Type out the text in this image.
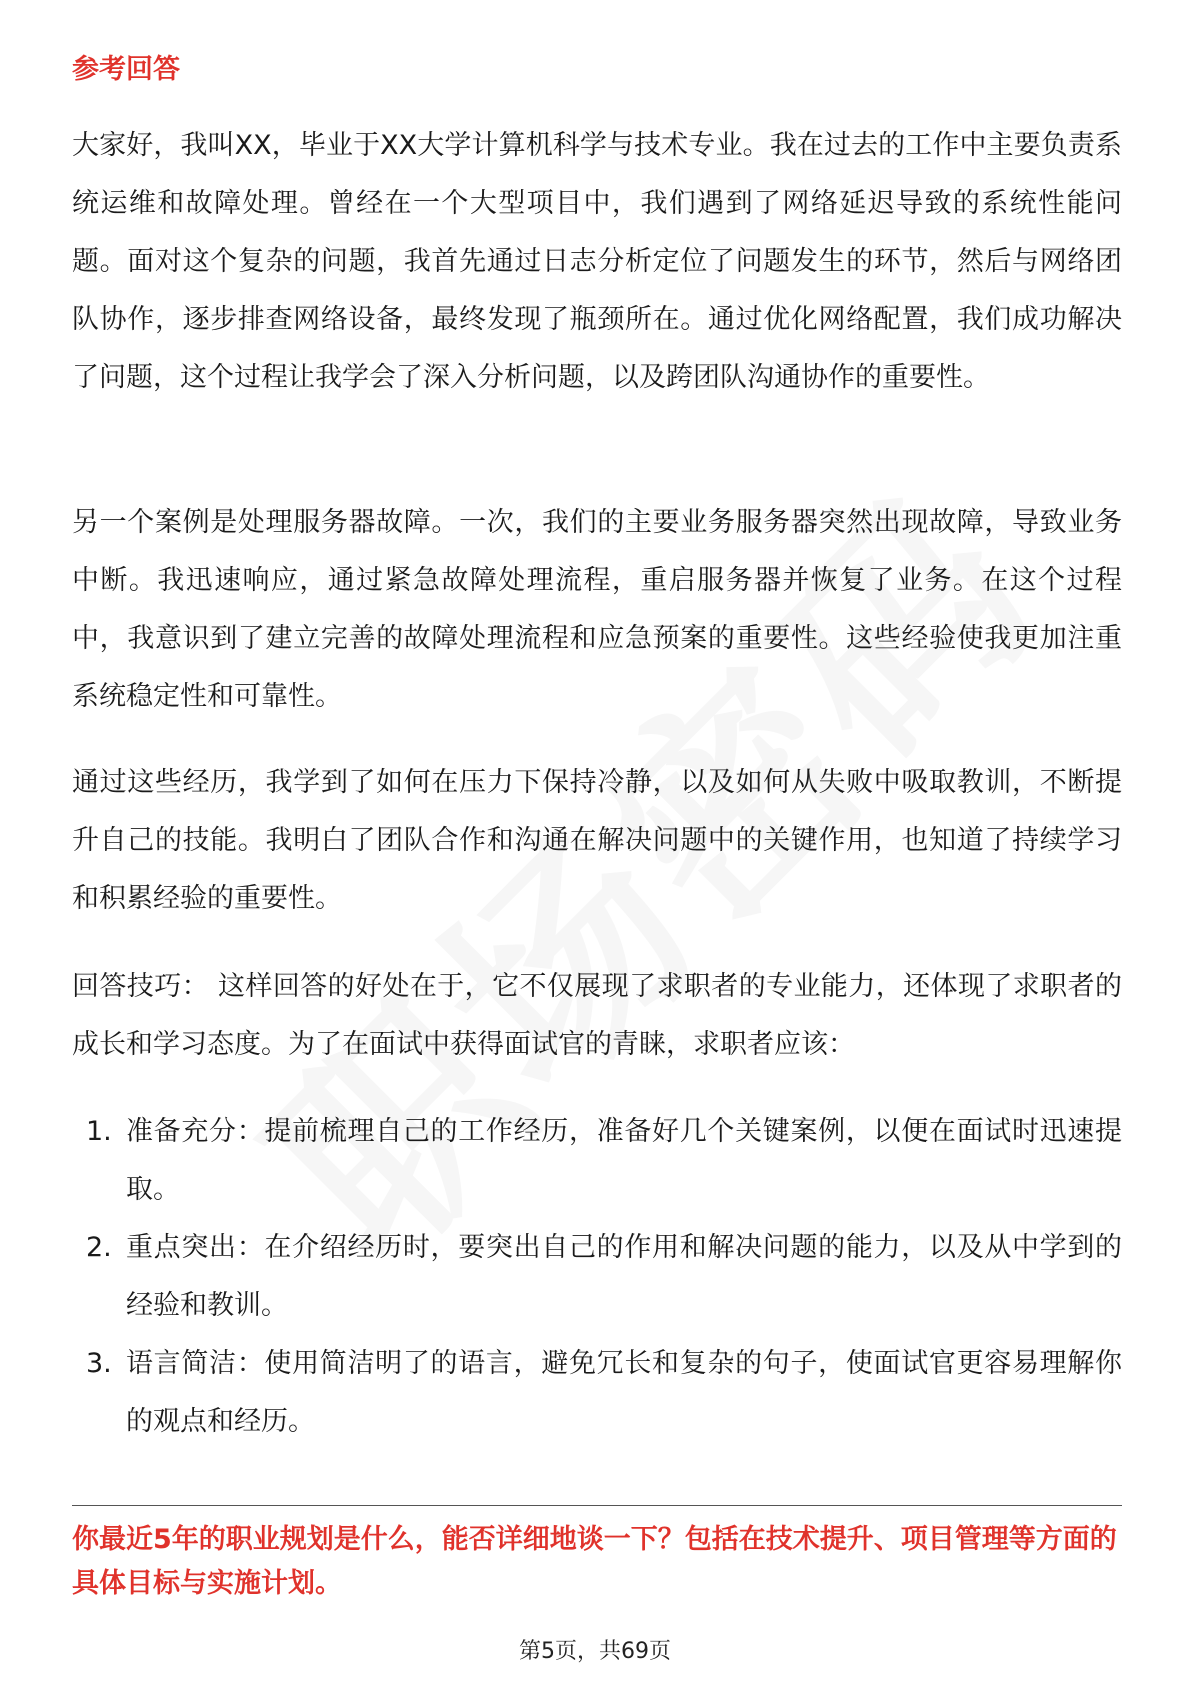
参考回答

大家好，我叫XX，毕业于XX大学计算机科学与技术专业。我在过去的工作中主要负责系统运维和故障处理。曾经在一个大型项目中，我们遇到了网络延迟导致的系统性能问题。面对这个复杂的问题，我首先通过日志分析定位了问题发生的环节，然后与网络团队协作，逐步排查网络设备，最终发现了瓶颈所在。通过优化网络配置，我们成功解决了问题，这个过程让我学会了深入分析问题，以及跨团队沟通协作的重要性。

另一个案例是处理服务器故障。一次，我们的主要业务服务器突然出现故障，导致业务中断。我迅速响应，通过紧急故障处理流程，重启服务器并恢复了业务。在这个过程中，我意识到了建立完善的故障处理流程和应急预案的重要性。这些经验使我更加注重系统稳定性和可靠性。

通过这些经历，我学到了如何在压力下保持冷静，以及如何从失败中吸取教训，不断提升自己的技能。我明白了团队合作和沟通在解决问题中的关键作用，也知道了持续学习和积累经验的重要性。

回答技巧： 这样回答的好处在于，它不仅展现了求职者的专业能力，还体现了求职者的成长和学习态度。为了在面试中获得面试官的青睐，求职者应该：

1. 准备充分：提前梳理自己的工作经历，准备好几个关键案例，以便在面试时迅速提取。
2. 重点突出：在介绍经历时，要突出自己的作用和解决问题的能力，以及从中学到的经验和教训。
3. 语言简洁：使用简洁明了的语言，避免冗长和复杂的句子，使面试官更容易理解你的观点和经历。

你最近5年的职业规划是什么，能否详细地谈一下？包括在技术提升、项目管理等方面的具体目标与实施计划。

第5页，共69页
